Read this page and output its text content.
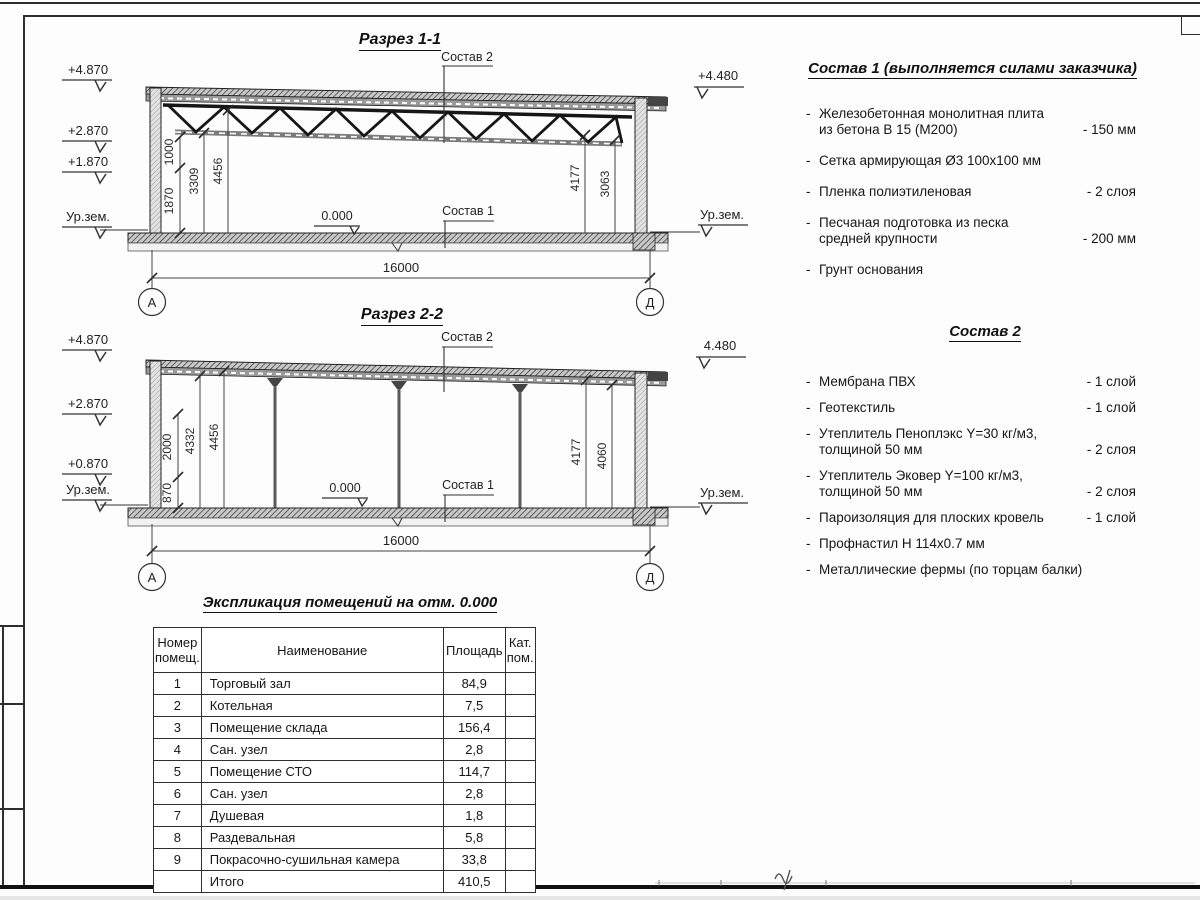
+4.870
+2.870
+1.870
Ур.зем.
+4.480
Ур.зем.
1000
1870
3309 4456	4177 3063
0.000
Состав 2
Состав 1
16000
А	Д
+4.870
+2.870
+0.870
Ур.зем.
4.480
Ур.зем.
870
2000 4332 4456
4177 4060
0.000
Состав 2
Состав 1
16000
А	Д
Разрез 1-1
Разрез 2-2
Состав 1 (выполняется силами заказчика)
- Железобетонная монолитная плита
из бетона В 15 (М200)	- 150 мм
- Сетка армирующая Ø3 100х100 мм
- Пленка полиэтиленовая	- 2 слоя
- Песчаная подготовка из песка
средней крупности	- 200 мм
- Грунт основания
Состав 2
- Мембрана ПВХ	- 1 слой
- Геотекстиль	- 1 слой
- Утеплитель Пеноплэкс Y=30 кг/м3,
толщиной 50 мм	- 2 слоя
- Утеплитель Эковер Y=100 кг/м3,
толщиной 50 мм	- 2 слоя
- Пароизоляция для плоских кровель	- 1 слой
- Профнастил Н 114х0.7 мм
- Металлические фермы (по торцам балки)
Экспликация помещений на отм. 0.000
Номер помещ.	Наименование	Площадь	Кат. пом.
1	Торговый зал	84,9	
2	Котельная	7,5	
3	Помещение склада	156,4	
4	Сан. узел	2,8	
5	Помещение СТО	114,7	
6	Сан. узел	2,8	
7	Душевая	1,8	
8	Раздевальная	5,8	
9	Покрасочно-сушильная камера	33,8	
	Итого	410,5	
